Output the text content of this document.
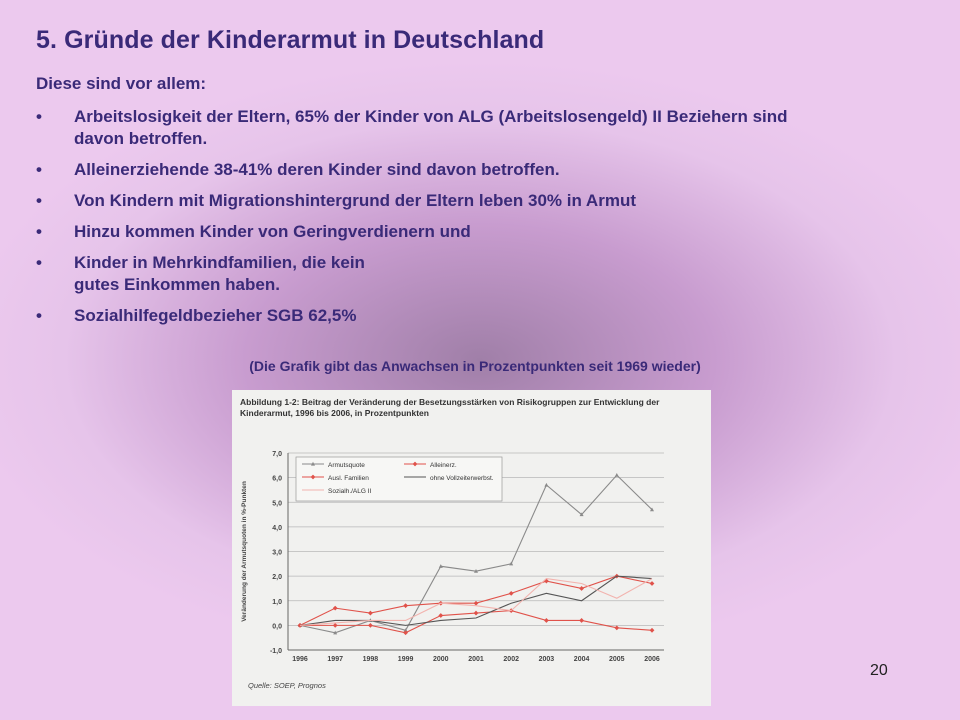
5. Gründe der Kinderarmut in Deutschland
Diese sind vor allem:
• Arbeitslosigkeit der Eltern, 65% der Kinder von ALG (Arbeitslosengeld) II Beziehern sind davon betroffen.
• Alleinerziehende 38-41% deren Kinder sind davon betroffen.
• Von Kindern mit Migrationshintergrund der Eltern leben 30% in Armut
• Hinzu kommen Kinder von Geringverdienern und
• Kinder in Mehrkindfamilien, die kein
gutes Einkommen haben.
• Sozialhilfegeldbezieher SGB 62,5%
(Die Grafik gibt das Anwachsen in Prozentpunkten seit 1969 wieder)
Abbildung 1-2: Beitrag der Veränderung der Besetzungsstärken von Risikogruppen zur Entwicklung der Kinderarmut, 1996 bis 2006, in Prozentpunkten
-1,0
0,0
1,0
2,0
3,0
4,0
5,0
6,0
7,0
1996	1997	1998	1999	2000	2001	2002	2003	2004	2005	2006
Veränderung der Armutsquoten in %-Punkten
Armutsquote	Alleinerz.
Ausl. Familien	ohne Vollzeiterwerbst.
Sozialh./ALG II
Quelle: SOEP, Prognos
20
